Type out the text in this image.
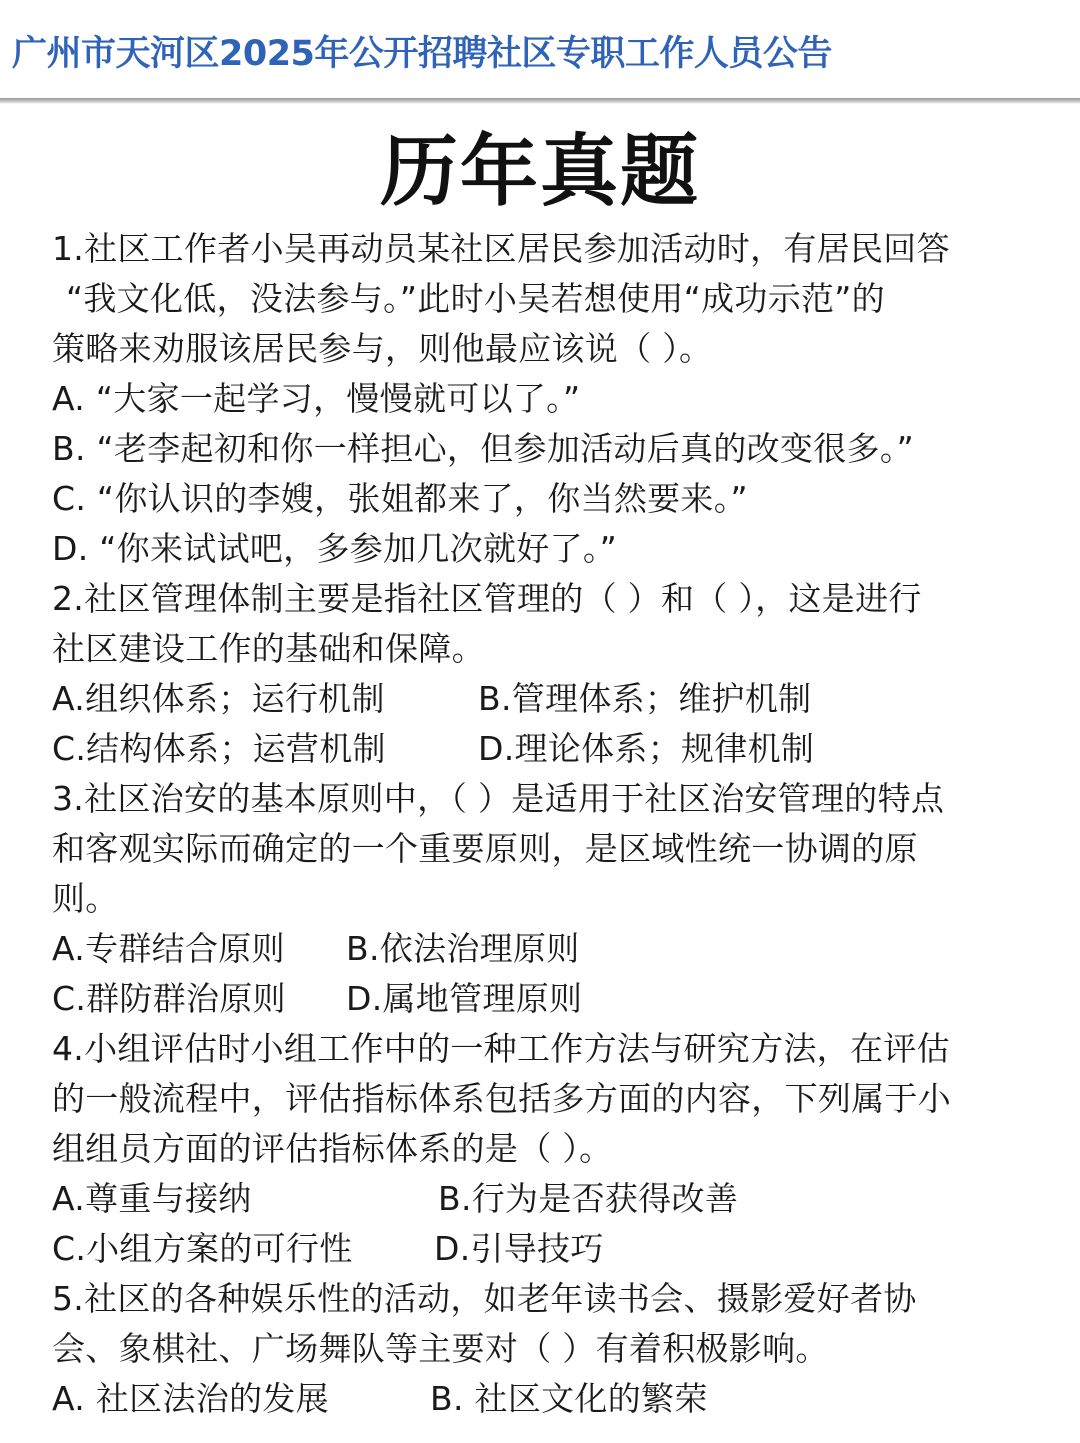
广州市天河区2025年公开招聘社区专职工作人员公告
历年真题
1.社区工作者小吴再动员某社区居民参加活动时，有居民回答
“我文化低，没法参与。”此时小吴若想使用“成功示范”的
策略来劝服该居民参与，则他最应该说（ ）。
A. “大家一起学习，慢慢就可以了。”
B. “老李起初和你一样担心，但参加活动后真的改变很多。”
C. “你认识的李嫂，张姐都来了，你当然要来。”
D. “你来试试吧，多参加几次就好了。”
2.社区管理体制主要是指社区管理的（ ）和（ ），这是进行
社区建设工作的基础和保障。
A.组织体系；运行机制	B.管理体系；维护机制
C.结构体系；运营机制	D.理论体系；规律机制
3.社区治安的基本原则中，（ ）是适用于社区治安管理的特点
和客观实际而确定的一个重要原则，是区域性统一协调的原
则。
A.专群结合原则 B.依法治理原则
C.群防群治原则 D.属地管理原则
4.小组评估时小组工作中的一种工作方法与研究方法，在评估
的一般流程中，评估指标体系包括多方面的内容，下列属于小
组组员方面的评估指标体系的是（ ）。
A.尊重与接纳	B.行为是否获得改善
C.小组方案的可行性 D.引导技巧
5.社区的各种娱乐性的活动，如老年读书会、摄影爱好者协
会、象棋社、广场舞队等主要对（ ）有着积极影响。
A. 社区法治的发展	B. 社区文化的繁荣
